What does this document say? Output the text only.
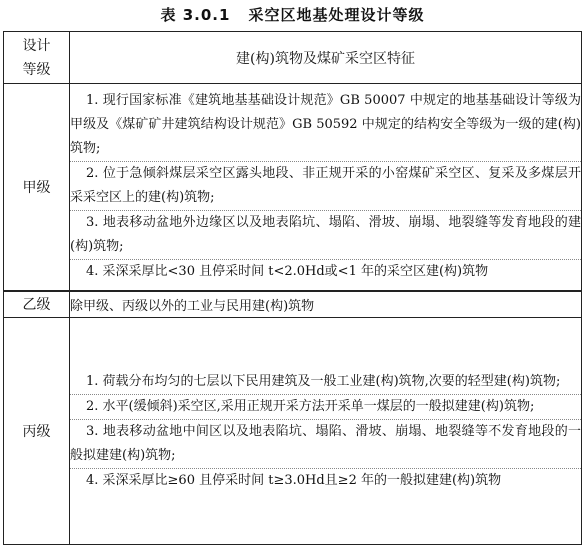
表 3.0.1 采空区地基处理设计等级
设计
等级	建(构)筑物及煤矿采空区特征
甲级	1. 现行国家标准《建筑地基基础设计规范》GB 50007 中规定的地基基础设计等级为甲级及《煤矿矿井建筑结构设计规范》GB 50592 中规定的结构安全等级为一级的建(构)筑物;
2. 位于急倾斜煤层采空区露头地段、非正规开采的小窑煤矿采空区、复采及多煤层开采采空区上的建(构)筑物;
3. 地表移动盆地外边缘区以及地表陷坑、塌陷、滑坡、崩塌、地裂缝等发育地段的建(构)筑物;
4. 采深采厚比<30 且停采时间 t<2.0Hd或<1 年的采空区建(构)筑物

乙级	除甲级、丙级以外的工业与民用建(构)筑物
丙级	1. 荷载分布均匀的七层以下民用建筑及一般工业建(构)筑物,次要的轻型建(构)筑物;
2. 水平(缓倾斜)采空区,采用正规开采方法开采单一煤层的一般拟建建(构)筑物;
3. 地表移动盆地中间区以及地表陷坑、塌陷、滑坡、崩塌、地裂缝等不发育地段的一般拟建建(构)筑物;
4. 采深采厚比≥60 且停采时间 t≥3.0Hd且≥2 年的一般拟建建(构)筑物
